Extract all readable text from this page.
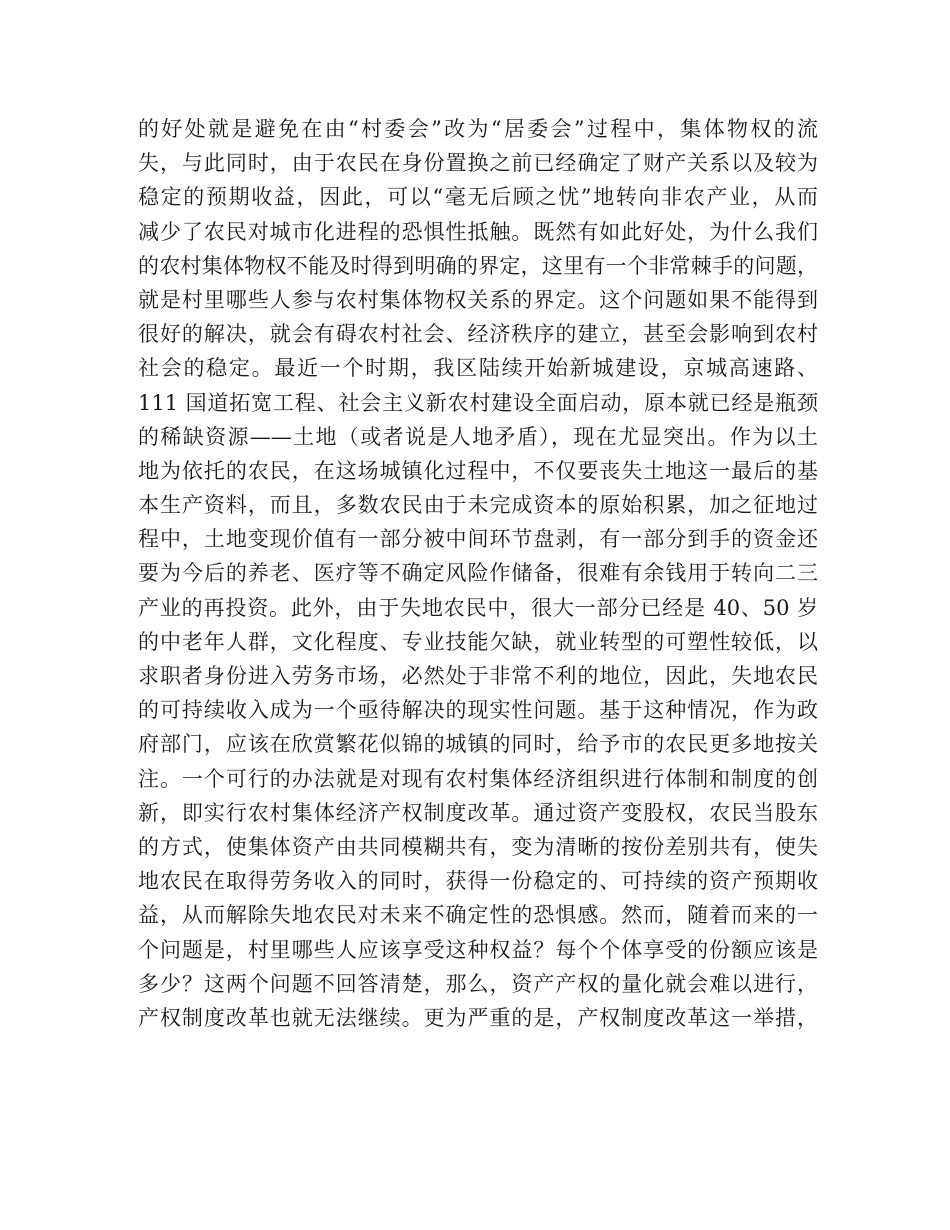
的好处就是避免在由“村委会”改为“居委会”过程中，集体物权的流
失，与此同时，由于农民在身份置换之前已经确定了财产关系以及较为
稳定的预期收益，因此，可以“毫无后顾之忧”地转向非农产业，从而
减少了农民对城市化进程的恐惧性抵触。既然有如此好处，为什么我们
的农村集体物权不能及时得到明确的界定，这里有一个非常棘手的问题，
就是村里哪些人参与农村集体物权关系的界定。这个问题如果不能得到
很好的解决，就会有碍农村社会、经济秩序的建立，甚至会影响到农村
社会的稳定。最近一个时期，我区陆续开始新城建设，京城高速路、
111 国道拓宽工程、社会主义新农村建设全面启动，原本就已经是瓶颈
的稀缺资源——土地（或者说是人地矛盾），现在尤显突出。作为以土
地为依托的农民，在这场城镇化过程中，不仅要丧失土地这一最后的基
本生产资料，而且，多数农民由于未完成资本的原始积累，加之征地过
程中，土地变现价值有一部分被中间环节盘剥，有一部分到手的资金还
要为今后的养老、医疗等不确定风险作储备，很难有余钱用于转向二三
产业的再投资。此外，由于失地农民中，很大一部分已经是 40、50 岁
的中老年人群，文化程度、专业技能欠缺，就业转型的可塑性较低，以
求职者身份进入劳务市场，必然处于非常不利的地位，因此，失地农民
的可持续收入成为一个亟待解决的现实性问题。基于这种情况，作为政
府部门，应该在欣赏繁花似锦的城镇的同时，给予市的农民更多地按关
注。一个可行的办法就是对现有农村集体经济组织进行体制和制度的创
新，即实行农村集体经济产权制度改革。通过资产变股权，农民当股东
的方式，使集体资产由共同模糊共有，变为清晰的按份差别共有，使失
地农民在取得劳务收入的同时，获得一份稳定的、可持续的资产预期收
益，从而解除失地农民对未来不确定性的恐惧感。然而，随着而来的一
个问题是，村里哪些人应该享受这种权益？每个个体享受的份额应该是
多少？这两个问题不回答清楚，那么，资产产权的量化就会难以进行，
产权制度改革也就无法继续。更为严重的是，产权制度改革这一举措，
